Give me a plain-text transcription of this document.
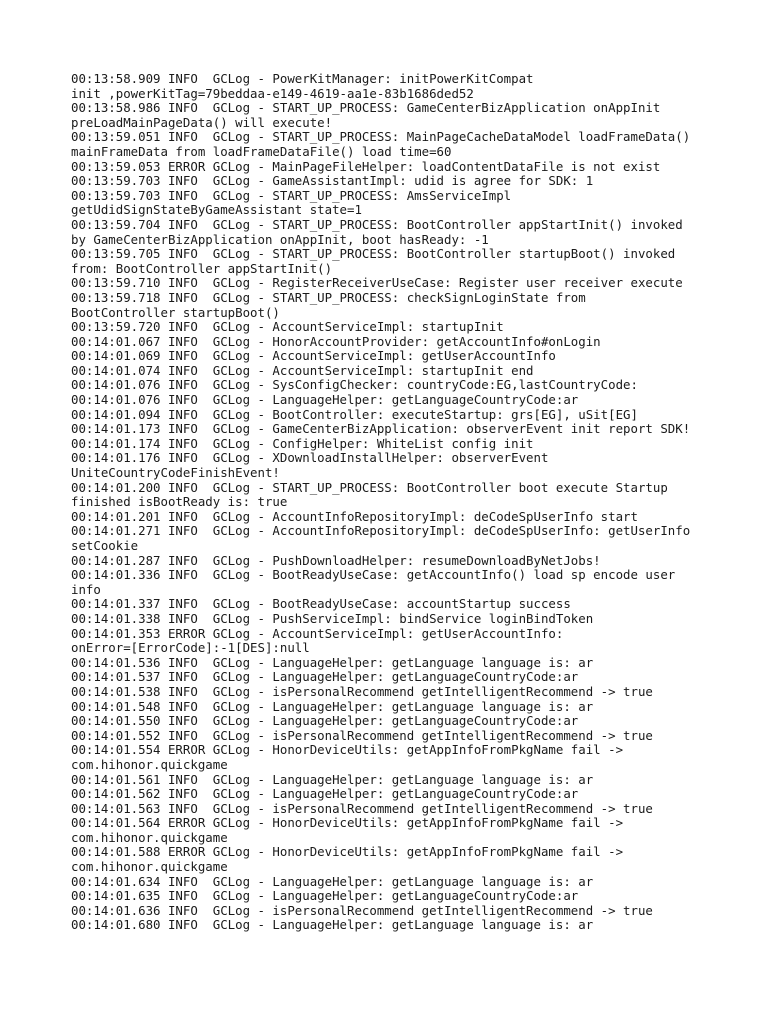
00:13:58.909 INFO  GCLog - PowerKitManager: initPowerKitCompat
init ,powerKitTag=79beddaa-e149-4619-aa1e-83b1686ded52
00:13:58.986 INFO  GCLog - START_UP_PROCESS: GameCenterBizApplication onAppInit
preLoadMainPageData() will execute!
00:13:59.051 INFO  GCLog - START_UP_PROCESS: MainPageCacheDataModel loadFrameData()
mainFrameData from loadFrameDataFile() load time=60
00:13:59.053 ERROR GCLog - MainPageFileHelper: loadContentDataFile is not exist
00:13:59.703 INFO  GCLog - GameAssistantImpl: udid is agree for SDK: 1
00:13:59.703 INFO  GCLog - START_UP_PROCESS: AmsServiceImpl
getUdidSignStateByGameAssistant state=1
00:13:59.704 INFO  GCLog - START_UP_PROCESS: BootController appStartInit() invoked
by GameCenterBizApplication onAppInit, boot hasReady: -1
00:13:59.705 INFO  GCLog - START_UP_PROCESS: BootController startupBoot() invoked
from: BootController appStartInit()
00:13:59.710 INFO  GCLog - RegisterReceiverUseCase: Register user receiver execute
00:13:59.718 INFO  GCLog - START_UP_PROCESS: checkSignLoginState from
BootController startupBoot()
00:13:59.720 INFO  GCLog - AccountServiceImpl: startupInit
00:14:01.067 INFO  GCLog - HonorAccountProvider: getAccountInfo#onLogin
00:14:01.069 INFO  GCLog - AccountServiceImpl: getUserAccountInfo
00:14:01.074 INFO  GCLog - AccountServiceImpl: startupInit end
00:14:01.076 INFO  GCLog - SysConfigChecker: countryCode:EG,lastCountryCode:
00:14:01.076 INFO  GCLog - LanguageHelper: getLanguageCountryCode:ar
00:14:01.094 INFO  GCLog - BootController: executeStartup: grs[EG], uSit[EG]
00:14:01.173 INFO  GCLog - GameCenterBizApplication: observerEvent init report SDK!
00:14:01.174 INFO  GCLog - ConfigHelper: WhiteList config init
00:14:01.176 INFO  GCLog - XDownloadInstallHelper: observerEvent
UniteCountryCodeFinishEvent!
00:14:01.200 INFO  GCLog - START_UP_PROCESS: BootController boot execute Startup
finished isBootReady is: true
00:14:01.201 INFO  GCLog - AccountInfoRepositoryImpl: deCodeSpUserInfo start
00:14:01.271 INFO  GCLog - AccountInfoRepositoryImpl: deCodeSpUserInfo: getUserInfo
setCookie
00:14:01.287 INFO  GCLog - PushDownloadHelper: resumeDownloadByNetJobs!
00:14:01.336 INFO  GCLog - BootReadyUseCase: getAccountInfo() load sp encode user
info
00:14:01.337 INFO  GCLog - BootReadyUseCase: accountStartup success
00:14:01.338 INFO  GCLog - PushServiceImpl: bindService loginBindToken
00:14:01.353 ERROR GCLog - AccountServiceImpl: getUserAccountInfo:
onError=[ErrorCode]:-1[DES]:null
00:14:01.536 INFO  GCLog - LanguageHelper: getLanguage language is: ar
00:14:01.537 INFO  GCLog - LanguageHelper: getLanguageCountryCode:ar
00:14:01.538 INFO  GCLog - isPersonalRecommend getIntelligentRecommend -> true
00:14:01.548 INFO  GCLog - LanguageHelper: getLanguage language is: ar
00:14:01.550 INFO  GCLog - LanguageHelper: getLanguageCountryCode:ar
00:14:01.552 INFO  GCLog - isPersonalRecommend getIntelligentRecommend -> true
00:14:01.554 ERROR GCLog - HonorDeviceUtils: getAppInfoFromPkgName fail ->
com.hihonor.quickgame
00:14:01.561 INFO  GCLog - LanguageHelper: getLanguage language is: ar
00:14:01.562 INFO  GCLog - LanguageHelper: getLanguageCountryCode:ar
00:14:01.563 INFO  GCLog - isPersonalRecommend getIntelligentRecommend -> true
00:14:01.564 ERROR GCLog - HonorDeviceUtils: getAppInfoFromPkgName fail ->
com.hihonor.quickgame
00:14:01.588 ERROR GCLog - HonorDeviceUtils: getAppInfoFromPkgName fail ->
com.hihonor.quickgame
00:14:01.634 INFO  GCLog - LanguageHelper: getLanguage language is: ar
00:14:01.635 INFO  GCLog - LanguageHelper: getLanguageCountryCode:ar
00:14:01.636 INFO  GCLog - isPersonalRecommend getIntelligentRecommend -> true
00:14:01.680 INFO  GCLog - LanguageHelper: getLanguage language is: ar
